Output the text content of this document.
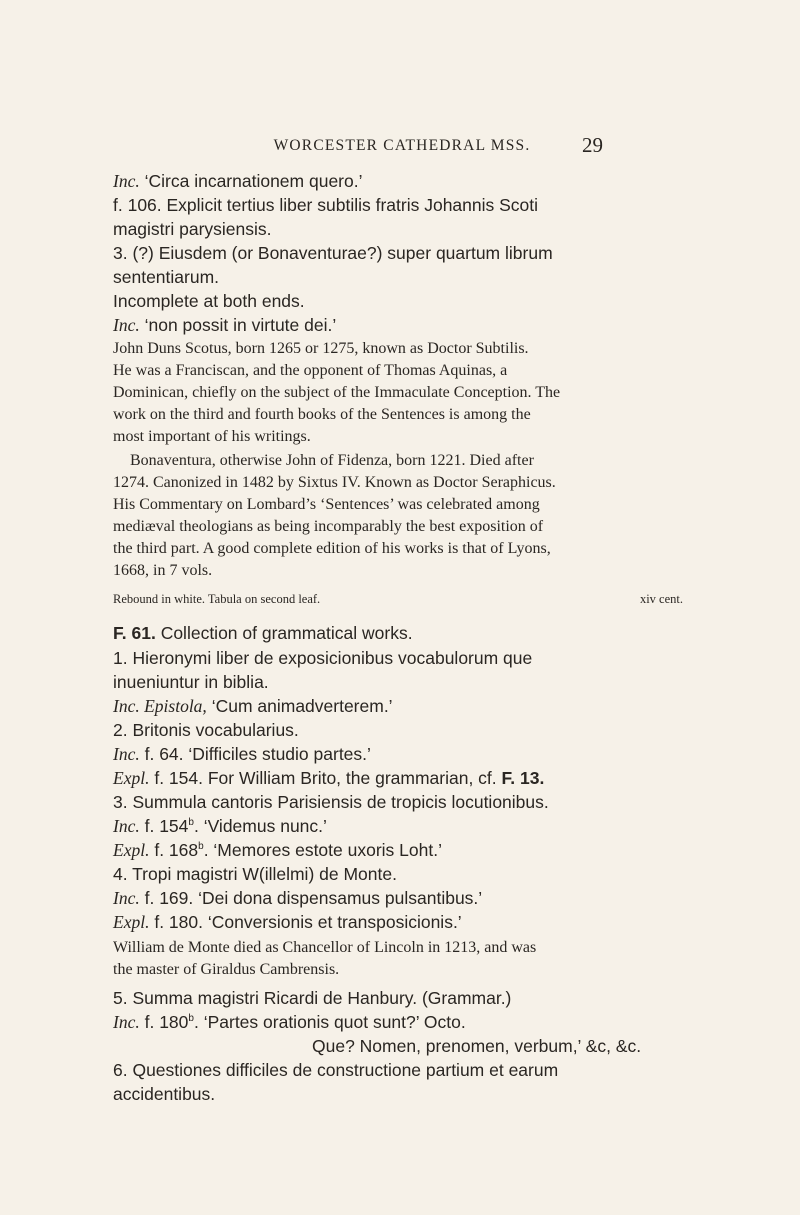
WORCESTER CATHEDRAL MSS.	29
Inc. ‘Circa incarnationem quero.’
f. 106. Explicit tertius liber subtilis fratris Johannis Scoti
magistri parysiensis.
3. (?) Eiusdem (or Bonaventurae?) super quartum librum
sententiarum.
Incomplete at both ends.
Inc. ‘non possit in virtute dei.’
John Duns Scotus, born 1265 or 1275, known as Doctor Subtilis.
He was a Franciscan, and the opponent of Thomas Aquinas, a
Dominican, chiefly on the subject of the Immaculate Conception. The
work on the third and fourth books of the Sentences is among the
most important of his writings.
Bonaventura, otherwise John of Fidenza, born 1221. Died after
1274. Canonized in 1482 by Sixtus IV. Known as Doctor Seraphicus.
His Commentary on Lombard’s ‘Sentences’ was celebrated among
mediæval theologians as being incomparably the best exposition of
the third part. A good complete edition of his works is that of Lyons,
1668, in 7 vols.
Rebound in white. Tabula on second leaf.	xiv cent.
F. 61. Collection of grammatical works.
1. Hieronymi liber de exposicionibus vocabulorum que
inueniuntur in biblia.
Inc. Epistola, ‘Cum animadverterem.’
2. Britonis vocabularius.
Inc. f. 64. ‘Difficiles studio partes.’
Expl. f. 154. For William Brito, the grammarian, cf. F. 13.
3. Summula cantoris Parisiensis de tropicis locutionibus.
Inc. f. 154$^b$. ‘Videmus nunc.’
Expl. f. 168$^b$. ‘Memores estote uxoris Loht.’
4. Tropi magistri W(illelmi) de Monte.
Inc. f. 169. ‘Dei dona dispensamus pulsantibus.’
Expl. f. 180. ‘Conversionis et transposicionis.’
William de Monte died as Chancellor of Lincoln in 1213, and was
the master of Giraldus Cambrensis.
5. Summa magistri Ricardi de Hanbury. (Grammar.)
Inc. f. 180$^b$. ‘Partes orationis quot sunt?’ Octo.
Que? Nomen, prenomen, verbum,’ &c, &c.
6. Questiones difficiles de constructione partium et earum
accidentibus.
